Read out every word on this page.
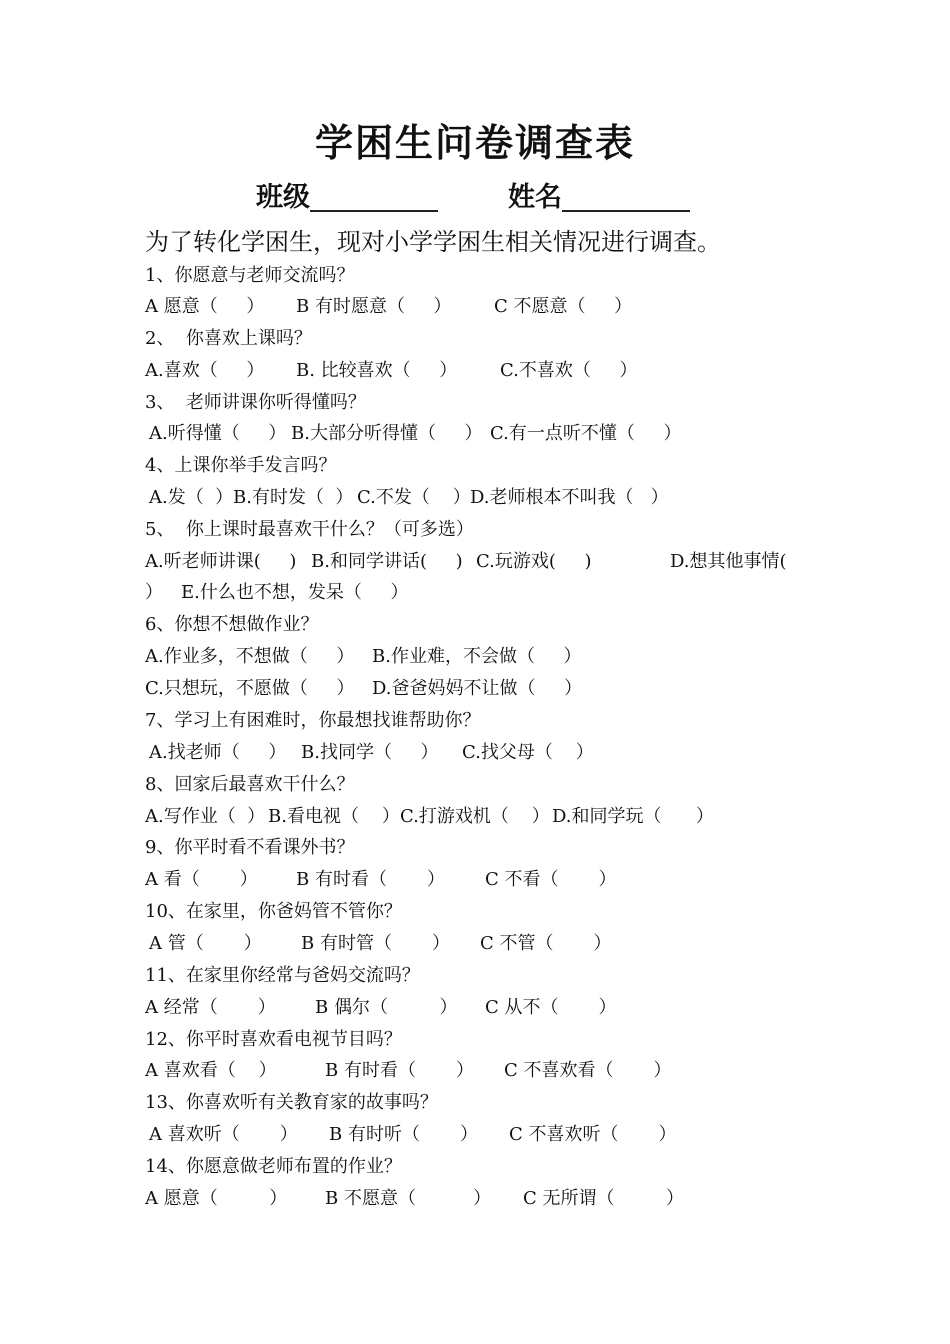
学困生问卷调查表
班级	姓名
为了转化学困生，现对小学学困生相关情况进行调查。
1、你愿意与老师交流吗？
A 愿意（     ） B 有时愿意（     ） C 不愿意（     ）
2、  你喜欢上课吗？
A.喜欢（     ） B. 比较喜欢（     ） C.不喜欢（     ）
3、  老师讲课你听得懂吗？
A.听得懂（     ） B.大部分听得懂（     ） C.有一点听不懂（     ）
4、上课你举手发言吗？
A.发（  ） B.有时发（  ） C.不发（    ） D.老师根本不叫我（   ）
5、  你上课时最喜欢干什么？（可多选）
A.听老师讲课(     ) B.和同学讲话(     ) C.玩游戏(     )	D.想其他事情(
） E.什么也不想，发呆（     ）
6、你想不想做作业？
A.作业多，不想做（     ） B.作业难，不会做（     ）
C.只想玩，不愿做（     ） D.爸爸妈妈不让做（     ）
7、学习上有困难时，你最想找谁帮助你？
A.找老师（     ） B.找同学（     ） C.找父母（    ）
8、回家后最喜欢干什么？
A.写作业（  ） B.看电视（    ） C.打游戏机（    ） D.和同学玩（      ）
9、你平时看不看课外书？
A 看（       ） B 有时看（       ） C 不看（       ）
10、在家里，你爸妈管不管你？
A 管（       ） B 有时管（       ） C 不管（       ）
11、在家里你经常与爸妈交流吗？
A 经常（       ） B 偶尔（         ） C 从不（       ）
12、你平时喜欢看电视节目吗？
A 喜欢看（    ）	B 有时看（       ） C 不喜欢看（       ）
13、你喜欢听有关教育家的故事吗？
A 喜欢听（       ） B 有时听（       ） C 不喜欢听（       ）
14、你愿意做老师布置的作业？
A 愿意（         ） B 不愿意（          ） C 无所谓（         ）
